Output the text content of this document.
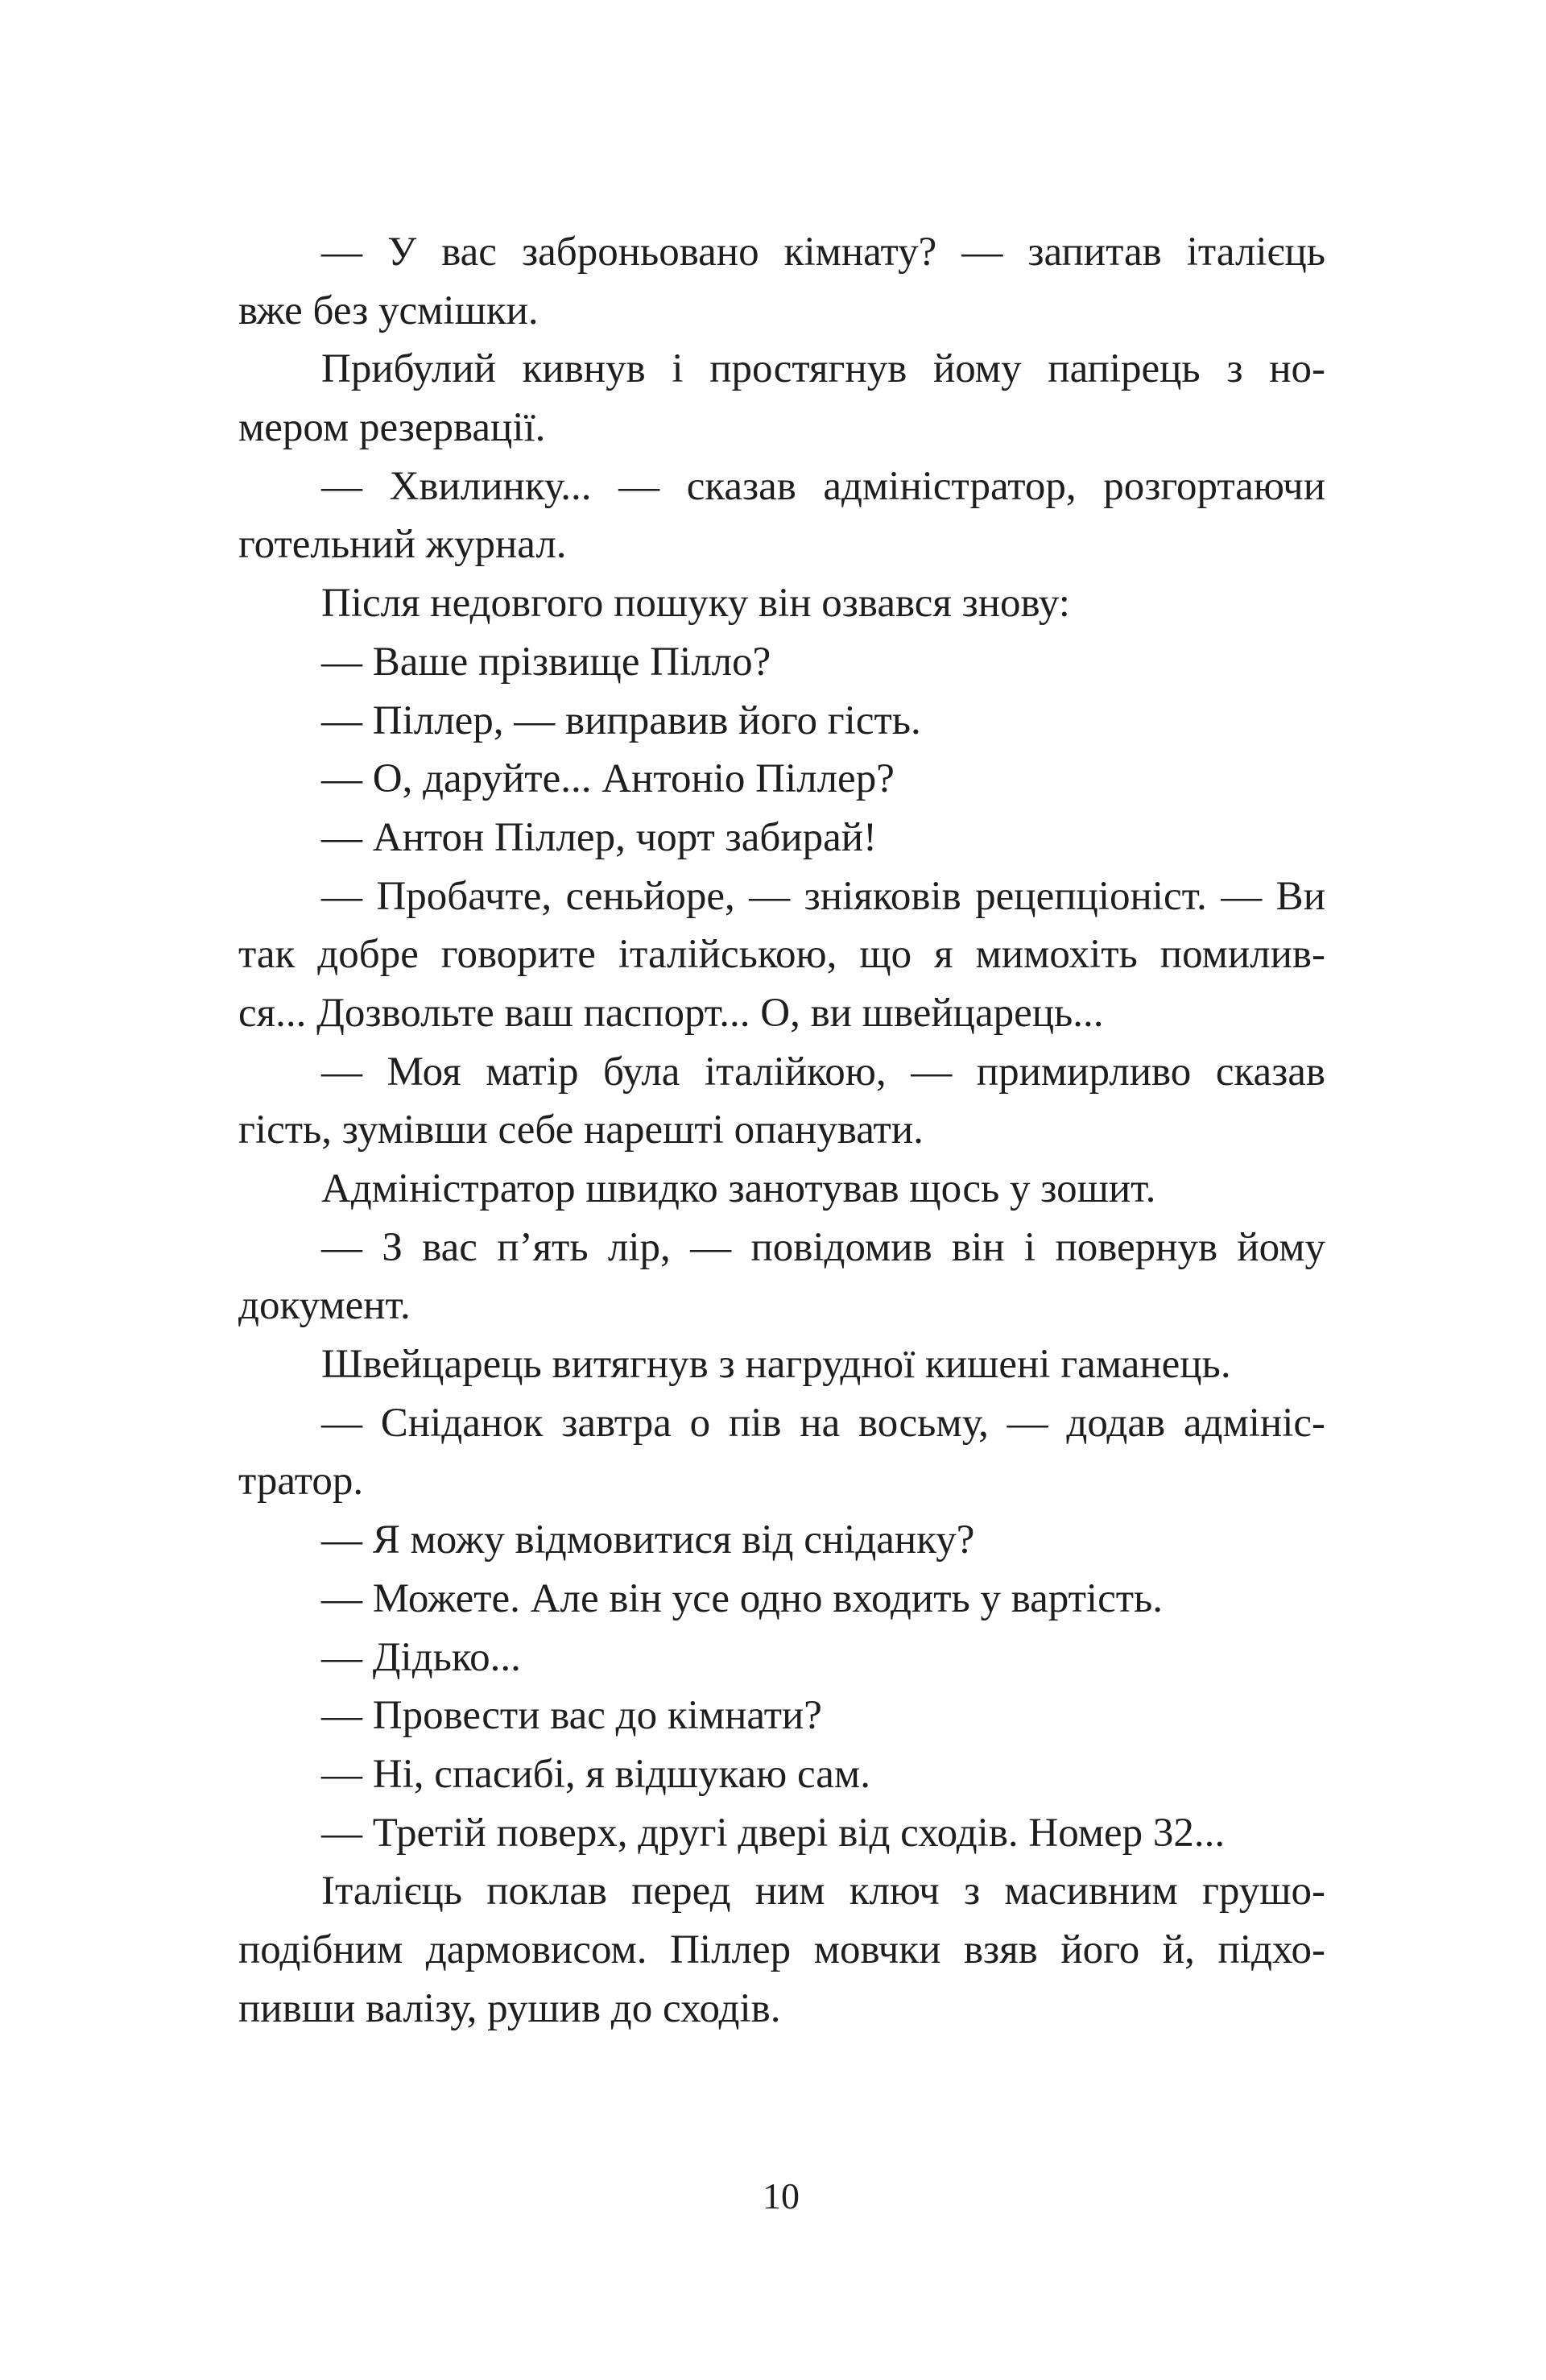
— У вас заброньовано кімнату? — запитав італієць
вже без усмішки.
Прибулий кивнув і простягнув йому папірець з но-
мером резервації.
— Хвилинку... — сказав адміністратор, розгортаючи
готельний журнал.
Після недовгого пошуку він озвався знову:
— Ваше прізвище Пілло?
— Піллер, — виправив його гість.
— О, даруйте... Антоніо Піллер?
— Антон Піллер, чорт забирай!
— Пробачте, сеньйоре, — зніяковів рецепціоніст. — Ви
так добре говорите італійською, що я мимохіть помилив-
ся... Дозвольте ваш паспорт... О, ви швейцарець...
— Моя матір була італійкою, — примирливо сказав
гість, зумівши себе нарешті опанувати.
Адміністратор швидко занотував щось у зошит.
— З вас п’ять лір, — повідомив він і повернув йому
документ.
Швейцарець витягнув з нагрудної кишені гаманець.
— Сніданок завтра о пів на восьму, — додав адмініс-
тратор.
— Я можу відмовитися від сніданку?
— Можете. Але він усе одно входить у вартість.
— Дідько...
— Провести вас до кімнати?
— Ні, спасибі, я відшукаю сам.
— Третій поверх, другі двері від сходів. Номер 32...
Італієць поклав перед ним ключ з масивним грушо-
подібним дармовисом. Піллер мовчки взяв його й, підхо-
пивши валізу, рушив до сходів.
10
